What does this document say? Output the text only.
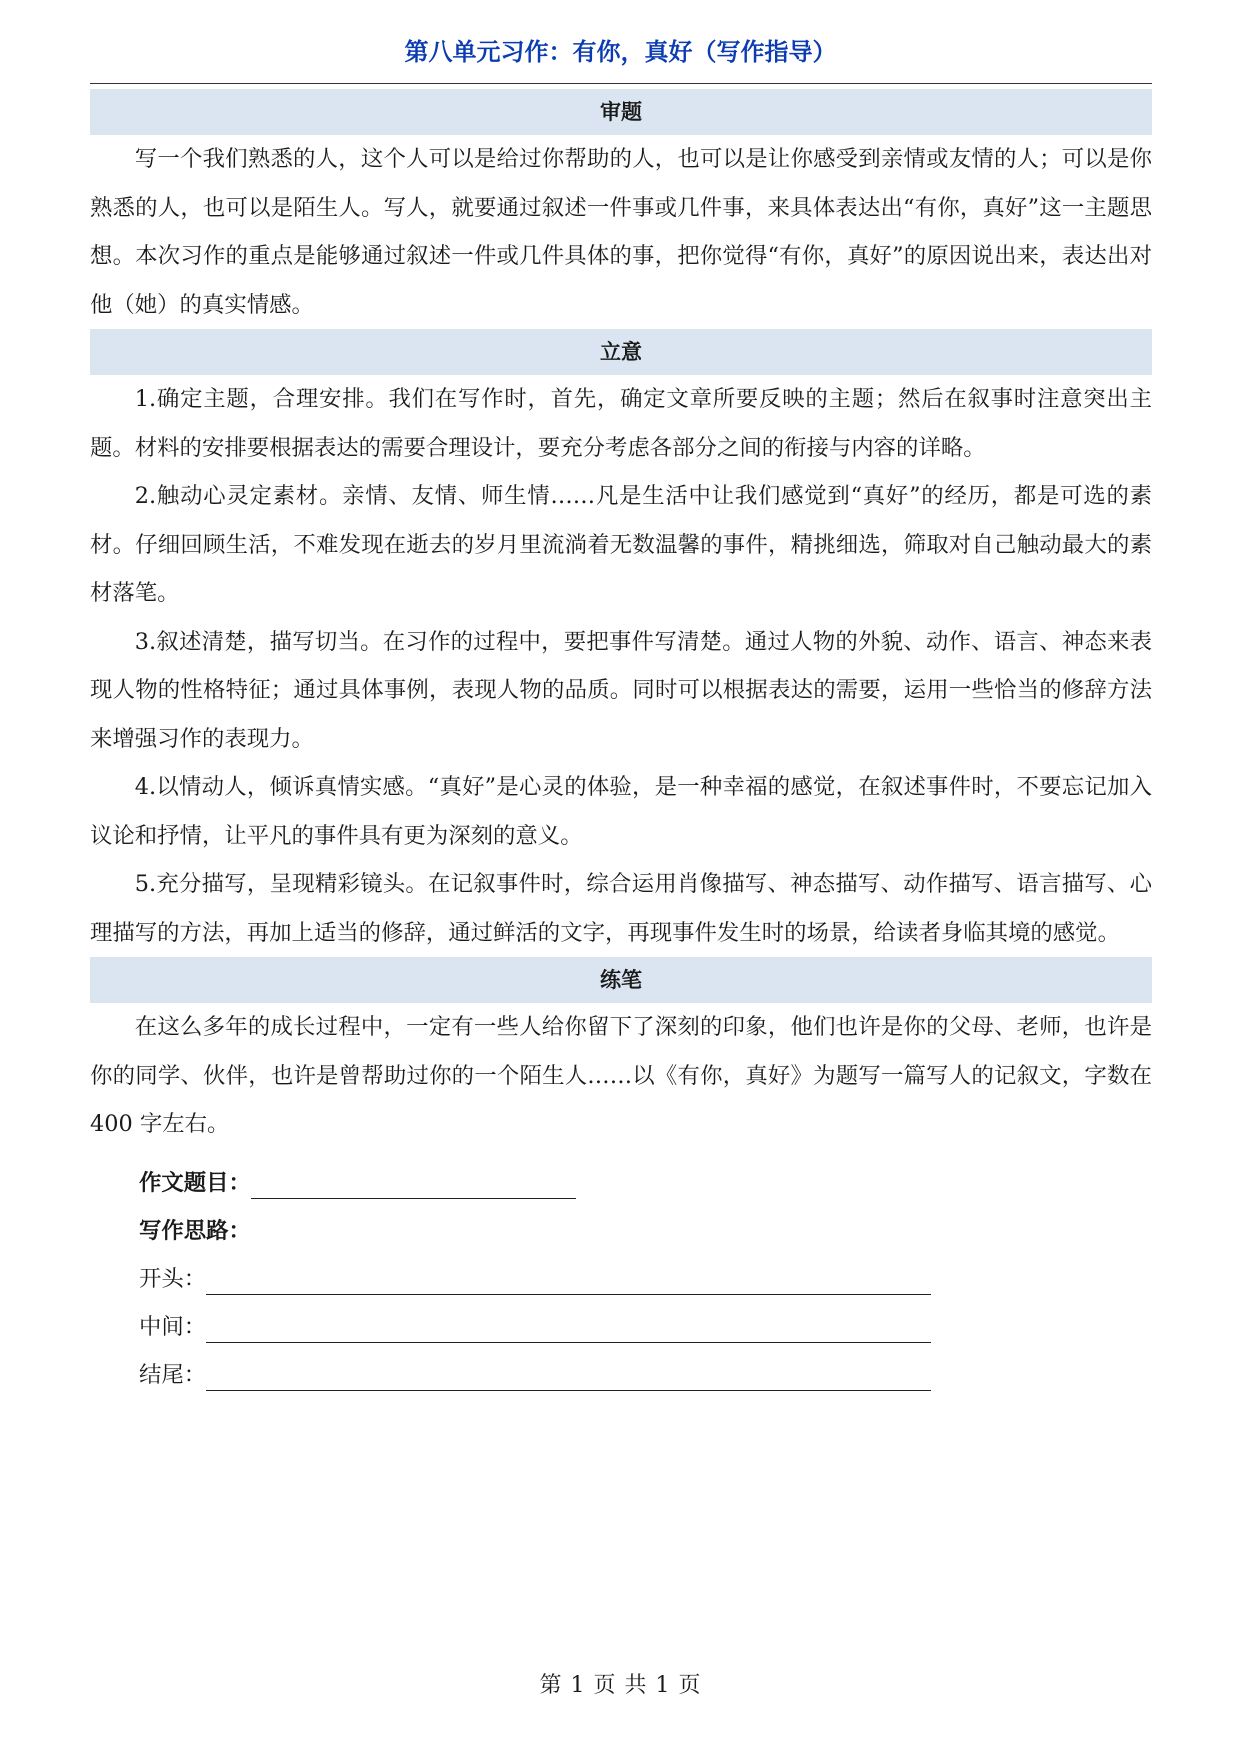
第八单元习作：有你，真好（写作指导）
审题

写一个我们熟悉的人，这个人可以是给过你帮助的人，也可以是让你感受到亲情或友情的人；可以是你熟悉的人，也可以是陌生人。写人，就要通过叙述一件事或几件事，来具体表达出“有你，真好”这一主题思想。本次习作的重点是能够通过叙述一件或几件具体的事，把你觉得“有你，真好”的原因说出来，表达出对他（她）的真实情感。

立意

1.确定主题，合理安排。我们在写作时，首先，确定文章所要反映的主题；然后在叙事时注意突出主题。材料的安排要根据表达的需要合理设计，要充分考虑各部分之间的衔接与内容的详略。

2.触动心灵定素材。亲情、友情、师生情……凡是生活中让我们感觉到“真好”的经历，都是可选的素材。仔细回顾生活，不难发现在逝去的岁月里流淌着无数温馨的事件，精挑细选，筛取对自己触动最大的素材落笔。

3.叙述清楚，描写切当。在习作的过程中，要把事件写清楚。通过人物的外貌、动作、语言、神态来表现人物的性格特征；通过具体事例，表现人物的品质。同时可以根据表达的需要，运用一些恰当的修辞方法来增强习作的表现力。

4.以情动人，倾诉真情实感。“真好”是心灵的体验，是一种幸福的感觉，在叙述事件时，不要忘记加入议论和抒情，让平凡的事件具有更为深刻的意义。

5.充分描写，呈现精彩镜头。在记叙事件时，综合运用肖像描写、神态描写、动作描写、语言描写、心理描写的方法，再加上适当的修辞，通过鲜活的文字，再现事件发生时的场景，给读者身临其境的感觉。

练笔

在这么多年的成长过程中，一定有一些人给你留下了深刻的印象，他们也许是你的父母、老师，也许是你的同学、伙伴，也许是曾帮助过你的一个陌生人……以《有你，真好》为题写一篇写人的记叙文，字数在 400 字左右。

作文题目：
写作思路：
开头：
中间：
结尾：
第 1 页 共 1 页
